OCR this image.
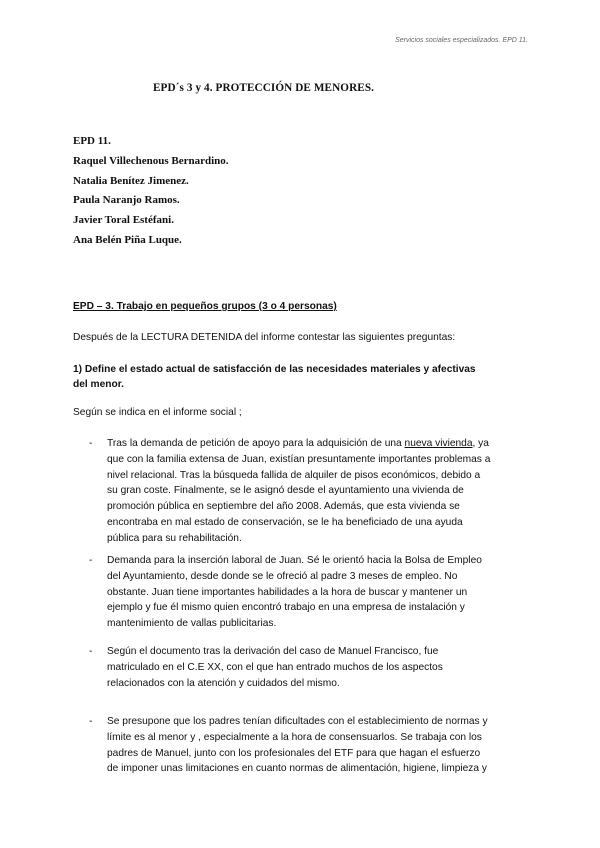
Servicios sociales especializados. EPD 11.
EPD´s 3 y 4. PROTECCIÓN DE MENORES.
EPD 11.
Raquel Villechenous Bernardino.
Natalia Benítez Jimenez.
Paula Naranjo Ramos.
Javier Toral Estéfani.
Ana Belén Piña Luque.
EPD – 3. Trabajo en pequeños grupos (3 o 4 personas)
Después de la LECTURA DETENIDA del informe contestar las siguientes preguntas:
1) Define el estado actual de satisfacción de las necesidades materiales y afectivas
del menor.
Según se indica en el informe social ;
- Tras la demanda de petición de apoyo para la adquisición de una nueva vivienda, ya
que con la familia extensa de Juan, existían presuntamente importantes problemas a
nivel relacional. Tras la búsqueda fallida de alquiler de pisos económicos, debido a
su gran coste. Finalmente, se le asignó desde el ayuntamiento una vivienda de
promoción pública en septiembre del año 2008. Además, que esta vivienda se
encontraba en mal estado de conservación, se le ha beneficiado de una ayuda
pública para su rehabilitación.
- Demanda para la inserción laboral de Juan. Sé le orientó hacia la Bolsa de Empleo
del Ayuntamiento, desde donde se le ofreció al padre 3 meses de empleo. No
obstante. Juan tiene importantes habilidades a la hora de buscar y mantener un
ejemplo y fue él mismo quien encontró trabajo en una empresa de instalación y
mantenimiento de vallas publicitarias.
- Según el documento tras la derivación del caso de Manuel Francisco, fue
matriculado en el C.E XX, con el que han entrado muchos de los aspectos
relacionados con la atención y cuidados del mismo.
- Se presupone que los padres tenían dificultades con el establecimiento de normas y
límite es al menor y , especialmente a la hora de consensuarlos. Se trabaja con los
padres de Manuel, junto con los profesionales del ETF para que hagan el esfuerzo
de imponer unas limitaciones en cuanto normas de alimentación, higiene, limpieza y
